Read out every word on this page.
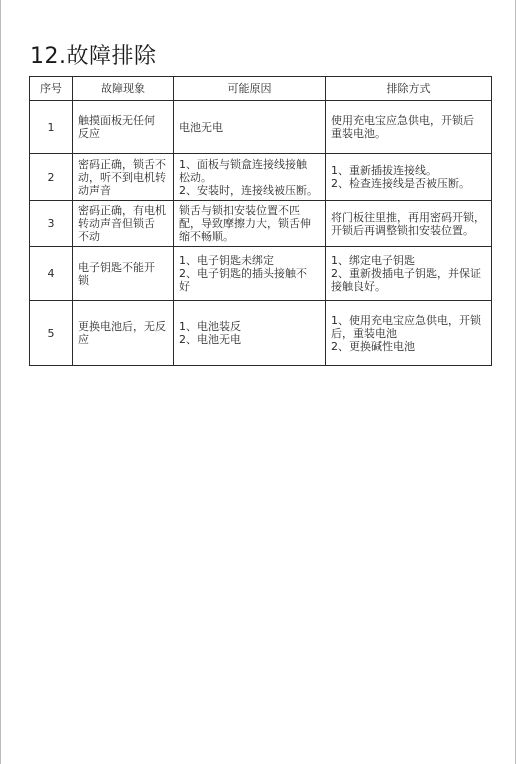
12.故障排除
序号	故障现象	可能原因	排除方式
1	触摸面板无任何
反应	电池无电	使用充电宝应急供电，开锁后
重装电池。

2	密码正确，锁舌不
动，听不到电机转
动声音	1、面板与锁盒连接线接触
松动。
2、安装时，连接线被压断。	1、重新插拔连接线。
2、检查连接线是否被压断。

3	密码正确，有电机
转动声音但锁舌
不动	锁舌与锁扣安装位置不匹
配，导致摩擦力大，锁舌伸
缩不畅顺。	将门板往里推，再用密码开锁，
开锁后再调整锁扣安装位置。

4	电子钥匙不能开
锁	1、电子钥匙未绑定
2、电子钥匙的插头接触不
好	1、绑定电子钥匙
2、重新拨插电子钥匙，并保证
接触良好。

5	更换电池后，无反
应	1、电池装反
2、电池无电	1、使用充电宝应急供电，开锁
后，重装电池
2、更换碱性电池
